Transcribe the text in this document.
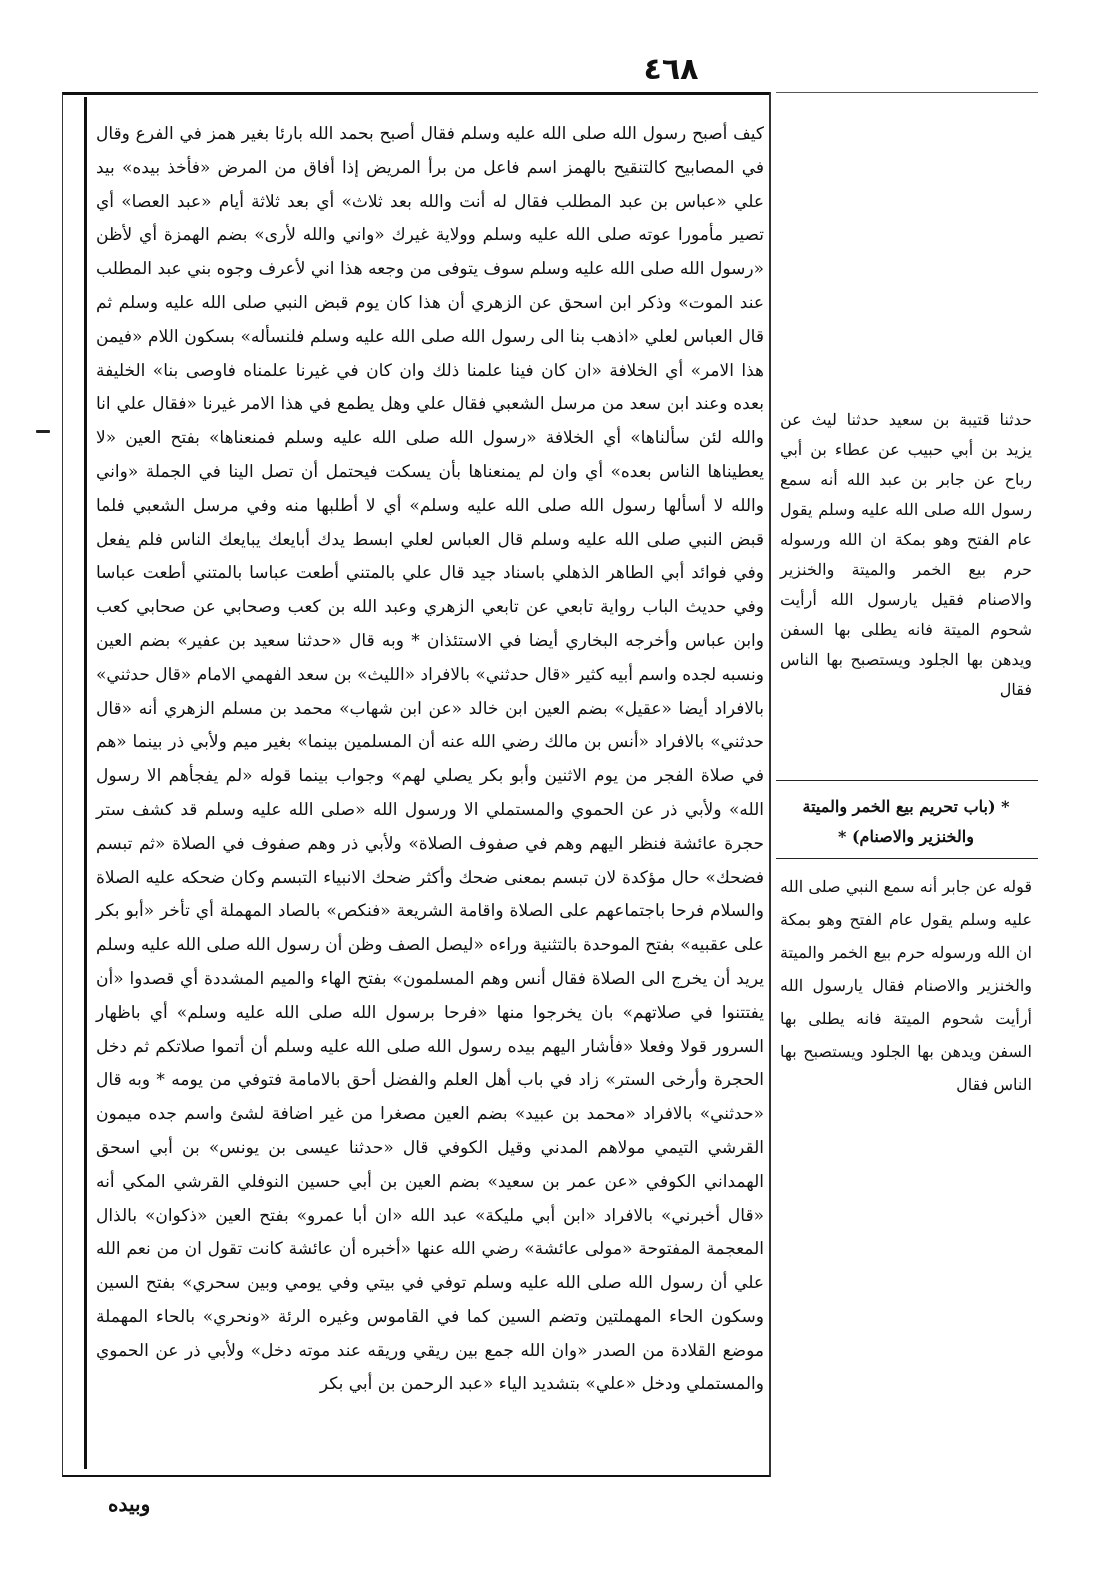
٤٦٨

كيف أصبح رسول الله صلى الله عليه وسلم فقال أصبح بحمد الله بارئا بغير همز في الفرع وقال في المصابيح كالتنقيح بالهمز اسم فاعل من برأ المريض إذا أفاق من المرض «فأخذ بيده» بيد علي «عباس بن عبد المطلب فقال له أنت والله بعد ثلاث» أي بعد ثلاثة أيام «عبد العصا» أي تصير مأمورا عوته صلى الله عليه وسلم وولاية غيرك «واني والله لأرى» بضم الهمزة أي لأظن «رسول الله صلى الله عليه وسلم سوف يتوفى من وجعه هذا اني لأعرف وجوه بني عبد المطلب عند الموت» وذكر ابن اسحق عن الزهري أن هذا كان يوم قبض النبي صلى الله عليه وسلم ثم قال العباس لعلي «اذهب بنا الى رسول الله صلى الله عليه وسلم فلنسأله» بسكون اللام «فيمن هذا الامر» أي الخلافة «ان كان فينا علمنا ذلك وان كان في غيرنا علمناه فاوصى بنا» الخليفة بعده وعند ابن سعد من مرسل الشعبي فقال علي وهل يطمع في هذا الامر غيرنا «فقال علي انا والله لئن سألناها» أي الخلافة «رسول الله صلى الله عليه وسلم فمنعناها» بفتح العين «لا يعطيناها الناس بعده» أي وان لم يمنعناها بأن يسكت فيحتمل أن تصل الينا في الجملة «واني والله لا أسألها رسول الله صلى الله عليه وسلم» أي لا أطلبها منه وفي مرسل الشعبي فلما قبض النبي صلى الله عليه وسلم قال العباس لعلي ابسط يدك أبايعك يبايعك الناس فلم يفعل وفي فوائد أبي الطاهر الذهلي باسناد جيد قال علي بالمتني أطعت عباسا بالمتني أطعت عباسا وفي حديث الباب رواية تابعي عن تابعي الزهري وعبد الله بن كعب وصحابي عن صحابي كعب وابن عباس وأخرجه البخاري أيضا في الاستئذان * وبه قال «حدثنا سعيد بن عفير» بضم العين ونسبه لجده واسم أبيه كثير «قال حدثني» بالافراد «الليث» بن سعد الفهمي الامام «قال حدثني» بالافراد أيضا «عقيل» بضم العين ابن خالد «عن ابن شهاب» محمد بن مسلم الزهري أنه «قال حدثني» بالافراد «أنس بن مالك رضي الله عنه أن المسلمين بينما» بغير ميم ولأبي ذر بينما «هم في صلاة الفجر من يوم الاثنين وأبو بكر يصلي لهم» وجواب بينما قوله «لم يفجأهم الا رسول الله» ولأبي ذر عن الحموي والمستملي الا ورسول الله «صلى الله عليه وسلم قد كشف ستر حجرة عائشة فنظر اليهم وهم في صفوف الصلاة» ولأبي ذر وهم صفوف في الصلاة «ثم تبسم فضحك» حال مؤكدة لان تبسم بمعنى ضحك وأكثر ضحك الانبياء التبسم وكان ضحكه عليه الصلاة والسلام فرحا باجتماعهم على الصلاة واقامة الشريعة «فنكص» بالصاد المهملة أي تأخر «أبو بكر على عقبيه» بفتح الموحدة بالتثنية وراءه «ليصل الصف وظن أن رسول الله صلى الله عليه وسلم يريد أن يخرج الى الصلاة فقال أنس وهم المسلمون» بفتح الهاء والميم المشددة أي قصدوا «أن يفتتنوا في صلاتهم» بان يخرجوا منها «فرحا برسول الله صلى الله عليه وسلم» أي باظهار السرور قولا وفعلا «فأشار اليهم بيده رسول الله صلى الله عليه وسلم أن أتموا صلاتكم ثم دخل الحجرة وأرخى الستر» زاد في باب أهل العلم والفضل أحق بالامامة فتوفي من يومه * وبه قال «حدثني» بالافراد «محمد بن عبيد» بضم العين مصغرا من غير اضافة لشئ واسم جده ميمون القرشي التيمي مولاهم المدني وقيل الكوفي قال «حدثنا عيسى بن يونس» بن أبي اسحق الهمداني الكوفي «عن عمر بن سعيد» بضم العين بن أبي حسين النوفلي القرشي المكي أنه «قال أخبرني» بالافراد «ابن أبي مليكة» عبد الله «ان أبا عمرو» بفتح العين «ذكوان» بالذال المعجمة المفتوحة «مولى عائشة» رضي الله عنها «أخبره أن عائشة كانت تقول ان من نعم الله علي أن رسول الله صلى الله عليه وسلم توفي في بيتي وفي يومي وبين سحري» بفتح السين وسكون الحاء المهملتين وتضم السين كما في القاموس وغيره الرئة «ونحري» بالحاء المهملة موضع القلادة من الصدر «وان الله جمع بين ريقي وريقه عند موته دخل» ولأبي ذر عن الحموي والمستملي ودخل «علي» بتشديد الياء «عبد الرحمن بن أبي بكر

حدثنا قتيبة بن سعيد حدثنا ليث عن يزيد بن أبي حبيب عن عطاء بن أبي رباح عن جابر بن عبد الله أنه سمع رسول الله صلى الله عليه وسلم يقول عام الفتح وهو بمكة ان الله ورسوله حرم بيع الخمر والميتة والخنزير والاصنام فقيل يارسول الله أرأيت شحوم الميتة فانه يطلى بها السفن ويدهن بها الجلود ويستصبح بها الناس فقال
* (باب تحريم بيع الخمر والميتة والخنزير والاصنام) *
قوله عن جابر أنه سمع النبي صلى الله عليه وسلم يقول عام الفتح وهو بمكة ان الله ورسوله حرم بيع الخمر والميتة والخنزير والاصنام فقال يارسول الله أرأيت شحوم الميتة فانه يطلى بها السفن ويدهن بها الجلود ويستصبح بها الناس فقال
وبيده
